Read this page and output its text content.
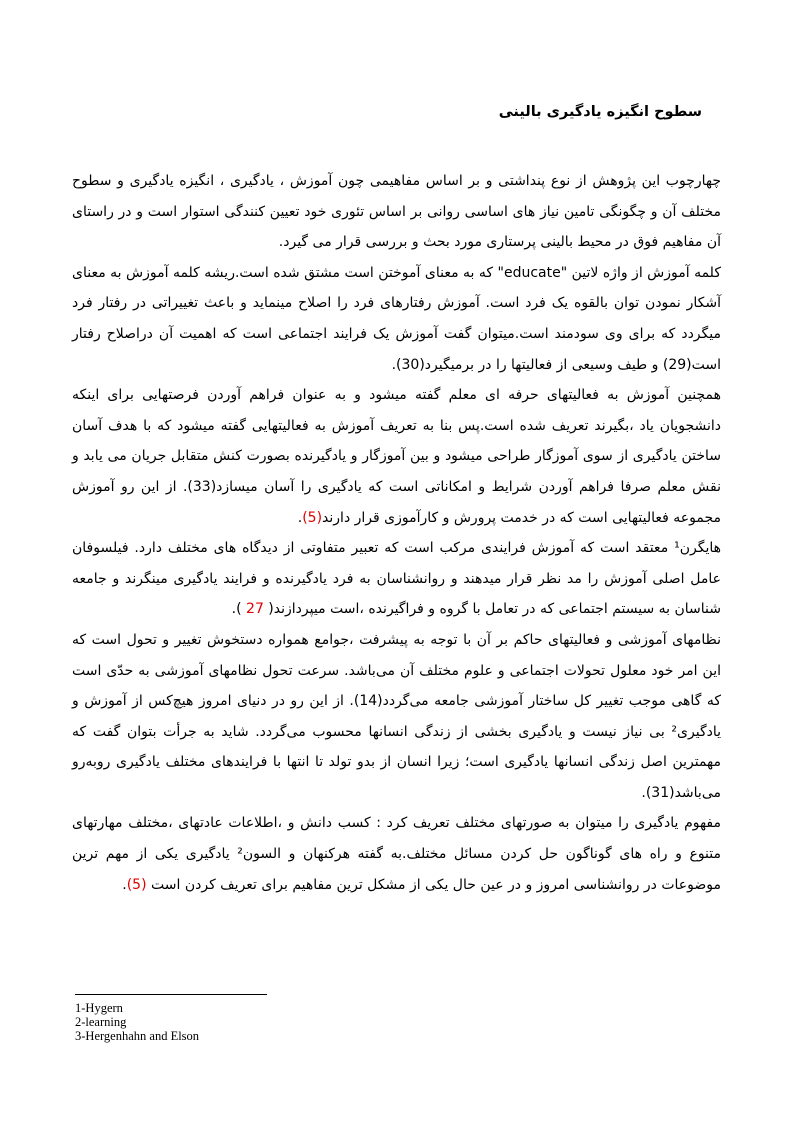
سطوح انگیزه یادگیری بالینی

چهارچوب این پژوهش از نوع پنداشتی و بر اساس مفاهیمی چون آموزش ، یادگیری ، انگیزه یادگیری و سطوح مختلف آن و چگونگی تامین نیاز های اساسی روانی بر اساس تئوری خود تعیین کنندگی استوار است و در راستای آن مفاهیم فوق در محیط بالینی پرستاری مورد بحث و بررسی قرار می گیرد.

کلمه آموزش از واژه لاتین "educate" که به معنای آموختن است مشتق شده است.ریشه کلمه آموزش به معنای آشکار نمودن توان بالقوه یک فرد است. آموزش رفتارهای فرد را اصلاح مینماید و باعث تغییراتی در رفتار فرد میگردد که برای وی سودمند است.میتوان گفت آموزش یک فرایند اجتماعی است که اهمیت آن دراصلاح رفتار است(29) و طیف وسیعی از فعالیتها را در برمیگیرد(30).

همچنین آموزش به فعالیتهای حرفه ای معلم گفته میشود و به عنوان فراهم آوردن فرصتهایی برای اینکه دانشجویان یاد ،بگیرند تعریف شده است.پس بنا به تعریف آموزش به فعالیتهایی گفته میشود که با هدف آسان ساختن یادگیری از سوی آموزگار طراحی میشود و بین آموزگار و یادگیرنده بصورت کنش متقابل جریان می یابد و نقش معلم صرفا فراهم آوردن شرایط و امکاناتی است که یادگیری را آسان میسازد(33). از این رو آموزش مجموعه فعالیتهایی است که در خدمت پرورش و کارآموزی قرار دارند(5).

هایگرن¹ معتقد است که آموزش فرایندی مرکب است که تعبیر متفاوتی از دیدگاه های مختلف دارد. فیلسوفان عامل اصلی آموزش را مد نظر قرار میدهند و روانشناسان به فرد یادگیرنده و فرایند یادگیری مینگرند و جامعه شناسان به سیستم اجتماعی که در تعامل با گروه و فراگیرنده ،است میپردازند( 27 ).

نظامهای آموزشی و فعالیتهای حاکم بر آن با توجه به پیشرفت ،جوامع همواره دستخوش تغییر و تحول است که این امر خود معلول تحولات اجتماعی و علوم مختلف آن می‌باشد. سرعت تحول نظامهای آموزشی به حدّی است که گاهی موجب تغییر کل ساختار آموزشی جامعه می‌گردد(14). از این رو در دنیای امروز هیچ‌کس از آموزش و یادگیری² بی نیاز نیست و یادگیری بخشی از زندگی انسانها محسوب می‌گردد. شاید به جرأت بتوان گفت که مهمترین اصل زندگی انسانها یادگیری است؛ زیرا انسان از بدو تولد تا انتها با فرایندهای مختلف یادگیری روبه‌رو می‌باشد(31).

مفهوم یادگیری را میتوان به صورتهای مختلف تعریف کرد : کسب دانش و ،اطلاعات عادتهای ،مختلف مهارتهای متنوع و راه های گوناگون حل کردن مسائل مختلف.به گفته هرکنهان و السون² یادگیری یکی از مهم ترین موضوعات در روانشناسی امروز و در عین حال یکی از مشکل ترین مفاهیم برای تعریف کردن است (5).

1-Hygern
2-learning
3-Hergenhahn and Elson
